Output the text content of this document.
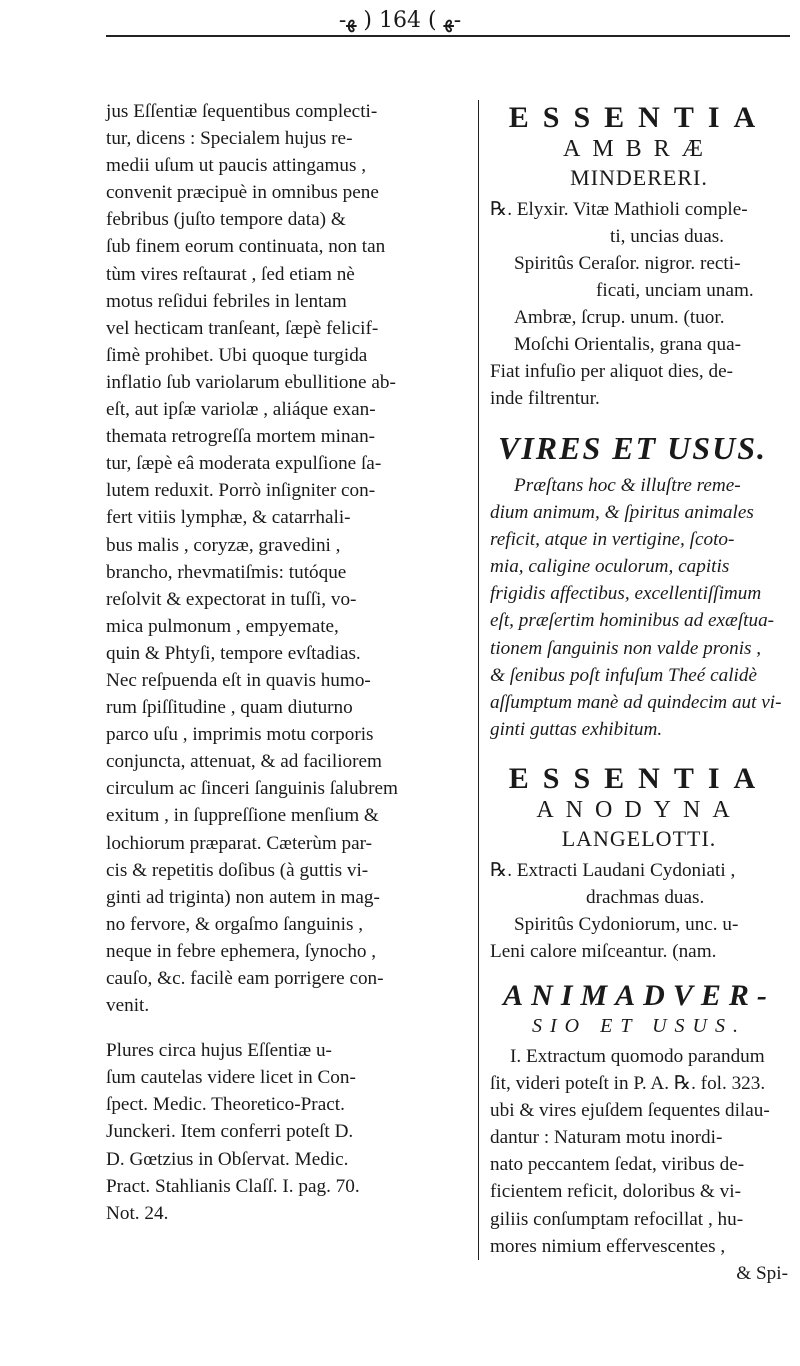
-ﻬ ) 164 ( ﻬ-

jus Eſſentiæ ſequentibus complecti-
tur, dicens : Specialem hujus re-
medii uſum ut paucis attingamus ,
convenit præcipuè in omnibus pene
febribus (juſto tempore data) &
ſub finem eorum continuata, non tan
tùm vires reſtaurat , ſed etiam nè
motus reſidui febriles in lentam
vel hecticam tranſeant, ſæpè felicif-
ſimè prohibet. Ubi quoque turgida
inflatio ſub variolarum ebullitione ab-
eſt, aut ipſæ variolæ , aliáque exan-
themata retrogreſſa mortem minan-
tur, ſæpè eâ moderata expulſione ſa-
lutem reduxit. Porrò inſigniter con-
fert vitiis lymphæ, & catarrhali-
bus malis , coryzæ, gravedini ,
brancho, rhevmatiſmis: tutóque
reſolvit & expectorat in tuſſi, vo-
mica pulmonum , empyemate,
quin & Phtyſi, tempore evſtadias.
Nec reſpuenda eſt in quavis humo-
rum ſpiſſitudine , quam diuturno
parco uſu , imprimis motu corporis
conjuncta, attenuat, & ad faciliorem
circulum ac ſinceri ſanguinis ſalubrem
exitum , in ſuppreſſione menſium &
lochiorum præparat. Cæterùm par-
cis & repetitis doſibus (à guttis vi-
ginti ad triginta) non autem in mag-
no fervore, & orgaſmo ſanguinis ,
neque in febre ephemera, ſynocho ,
cauſo, &c. facilè eam porrigere con-
venit.

Plures circa hujus Eſſentiæ u-
ſum cautelas videre licet in Con-
ſpect. Medic. Theoretico-Pract.
Junckeri. Item conferri poteſt D.
D. Gœtzius in Obſervat. Medic.
Pract. Stahlianis Claſſ. I. pag. 70.
Not. 24.

ESSENTIA
AMBRÆ
MINDERERI.
℞. Elyxir. Vitæ Mathioli comple-
ti, uncias duas.
Spiritûs Ceraſor. nigror. recti-
ficati, unciam unam.
Ambræ, ſcrup. unum. (tuor.
Moſchi Orientalis, grana qua-
Fiat infuſio per aliquot dies, de-
inde filtrentur.
VIRES ET USUS.

Præſtans hoc & illuſtre reme-
dium animum, & ſpiritus animales
reficit, atque in vertigine, ſcoto-
mia, caligine oculorum, capitis
frigidis affectibus, excellentiſſimum
eſt, præſertim hominibus ad exæſtua-
tionem ſanguinis non valde pronis ,
& ſenibus poſt infuſum Theé calidè
aſſumptum manè ad quindecim aut vi-
ginti guttas exhibitum.

ESSENTIA
ANODYNA
LANGELOTTI.
℞. Extracti Laudani Cydoniati ,
drachmas duas.
Spiritûs Cydoniorum, unc. u-
Leni calore miſceantur. (nam.
ANIMADVER-
SIO ET USUS.

I. Extractum quomodo parandum
ſit, videri poteſt in P. A. ℞. fol. 323.
ubi & vires ejuſdem ſequentes dilau-
dantur : Naturam motu inordi-
nato peccantem ſedat, viribus de-
ficientem reficit, doloribus & vi-
giliis conſumptam refocillat , hu-
mores nimium effervescentes ,
& Spi-
